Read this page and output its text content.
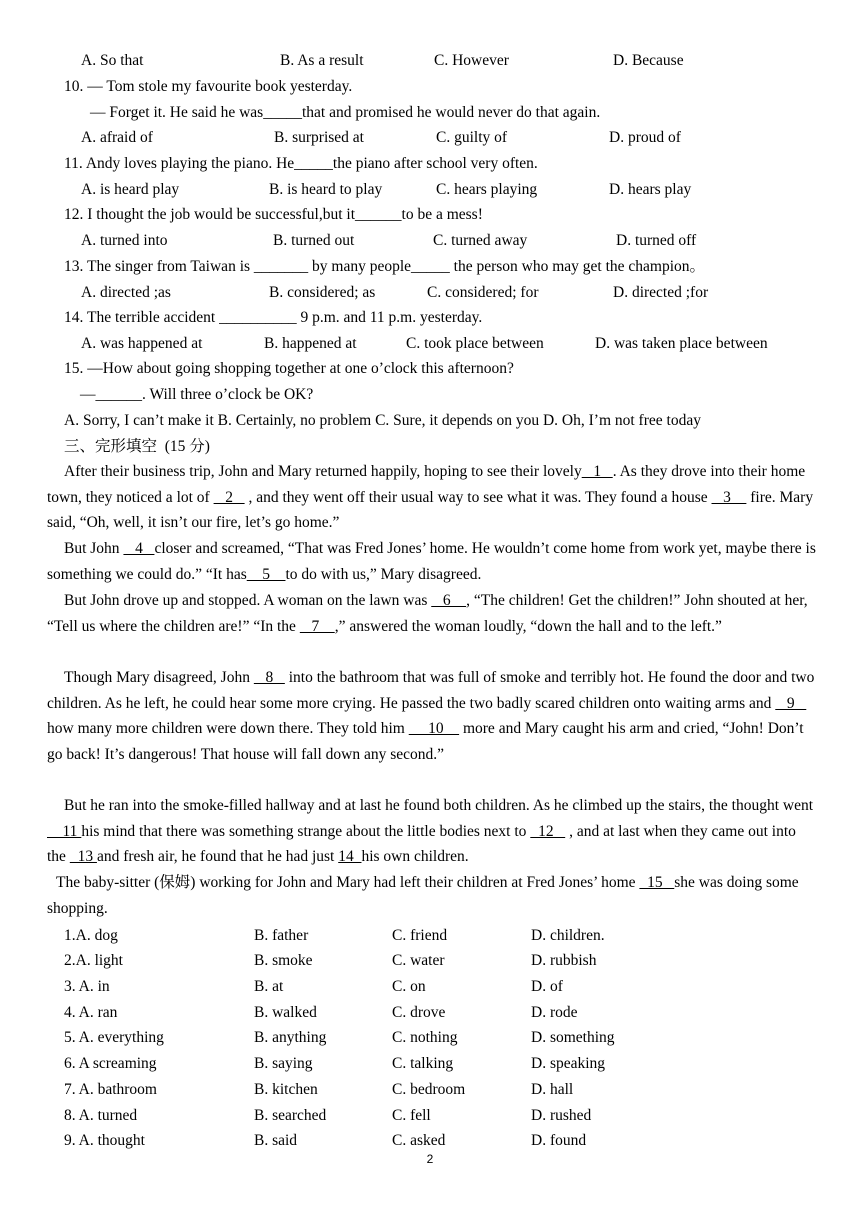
A. So that	B. As a result	C. However	D. Because
10. — Tom stole my favourite book yesterday.
— Forget it. He said he was_____that and promised he would never do that again.
A. afraid of	B. surprised at	C. guilty of	D. proud of
11. Andy loves playing the piano. He_____the piano after school very often.
A. is heard play	B. is heard to play	C. hears playing	D. hears play
12. I thought the job would be successful,but it______to be a mess!
A. turned into	B. turned out	C. turned away	D. turned off
13. The singer from Taiwan is _______ by many people_____ the person who may get the champion。
A. directed ;as	B. considered; as	C. considered; for	D. directed ;for
14. The terrible accident __________ 9 p.m. and 11 p.m. yesterday.
A. was happened at	B. happened at	C. took place between	D. was taken place between
15. —How about going shopping together at one o’clock this afternoon?
—______. Will three o’clock be OK?
A. Sorry, I can’t make it B. Certainly, no problem C. Sure, it depends on you D. Oh, I’m not free today
三、完形填空  (15 分)
After their business trip, John and Mary returned happily, hoping to see their lovely   1   . As they drove into their home town, they noticed a lot of    2    , and they went off their usual way to see what it was. They found a house    3     fire. Mary said, “Oh, well, it isn’t our fire, let’s go home.”
But John    4   closer and screamed, “That was Fred Jones’ home. He wouldn’t come home from work yet, maybe there is something we could do.” “It has    5    to do with us,” Mary disagreed.
But John drove up and stopped. A woman on the lawn was    6    , “The children! Get the children!” John shouted at her, “Tell us where the children are!” “In the    7    ,” answered the woman loudly, “down the hall and to the left.”
Though Mary disagreed, John    8    into the bathroom that was full of smoke and terribly hot. He found the door and two children. As he left, he could hear some more crying. He passed the two badly scared children onto waiting arms and    9    how many more children were down there. They told him      10     more and Mary caught his arm and cried, “John! Don’t go back! It’s dangerous! That house will fall down any second.”
But he ran into the smoke-filled hallway and at last he found both children. As he climbed up the stairs, the thought went     11 his mind that there was something strange about the little bodies next to   12    , and at last when they came out into the   13 and fresh air, he found that he had just 14  his own children.
The baby-sitter (保姆) working for John and Mary had left their children at Fred Jones’ home   15   she was doing some shopping.
1.A. dog	B. father	C. friend	D. children.
2.A. light	B. smoke	C. water	D. rubbish
3. A. in	B. at	C. on	D. of
4. A. ran	B. walked	C. drove	D. rode
5. A. everything	B. anything	C. nothing	D. something
6. A screaming	B. saying	C. talking	D. speaking
7. A. bathroom	B. kitchen	C. bedroom	D. hall
8. A. turned	B. searched	C. fell	D. rushed
9. A. thought	B. said	C. asked	D. found
2
